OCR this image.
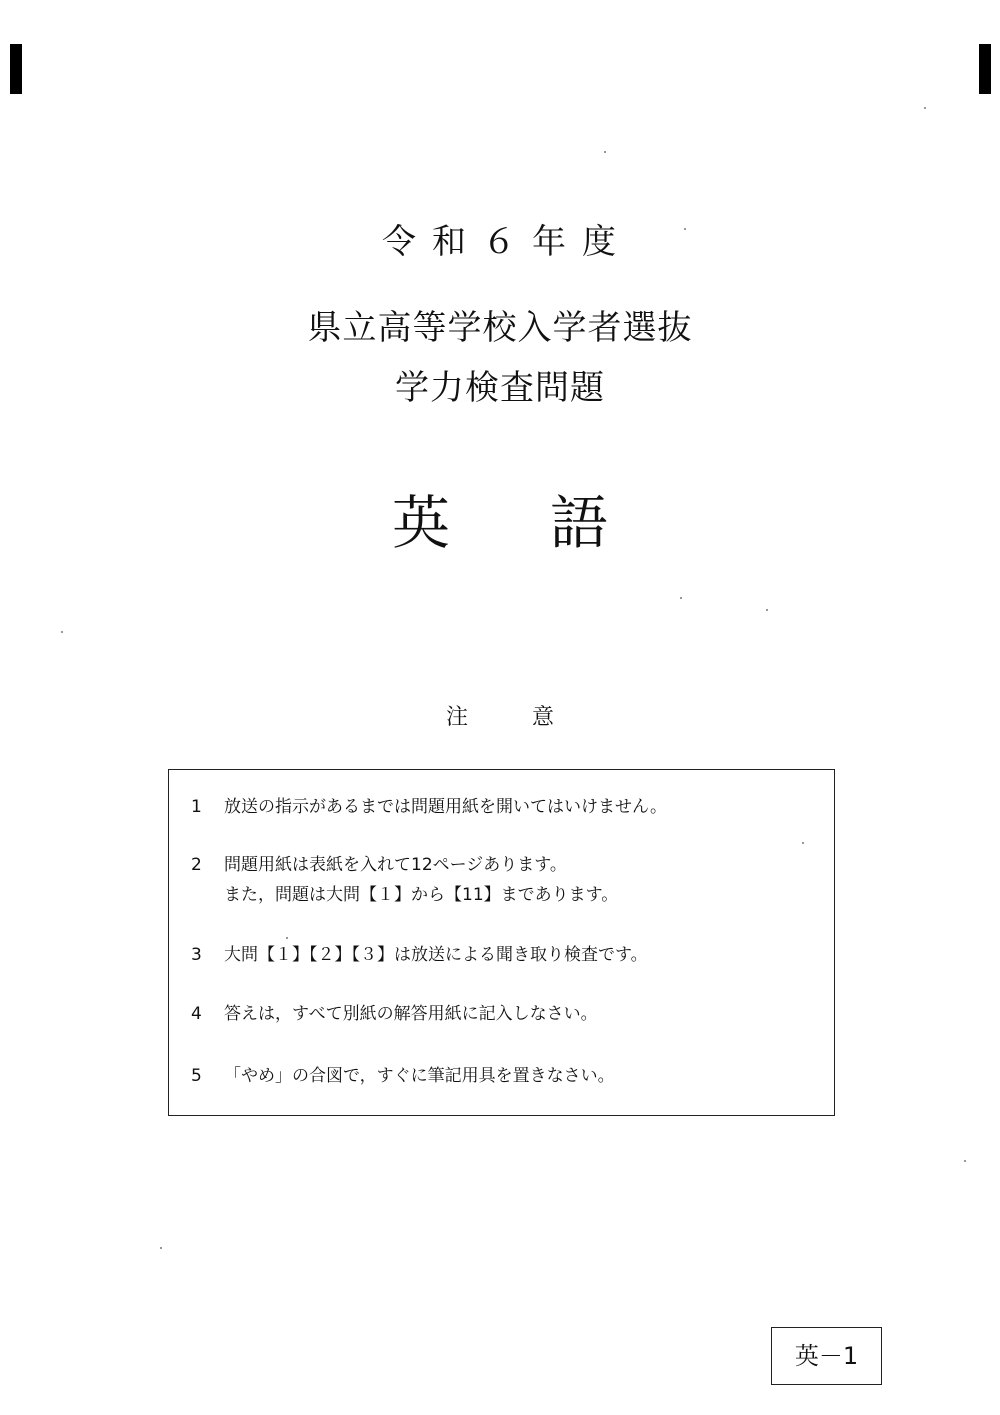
令和６年度
県立高等学校入学者選抜
学力検査問題
英語
注意
1	放送の指示があるまでは問題用紙を開いてはいけません。
2	問題用紙は表紙を入れて12ページあります。
また，問題は大問【１】から【11】まであります。
3	大問【１】【２】【３】は放送による聞き取り検査です。
4	答えは，すべて別紙の解答用紙に記入しなさい。
5	「やめ」の合図で，すぐに筆記用具を置きなさい。
英－1
